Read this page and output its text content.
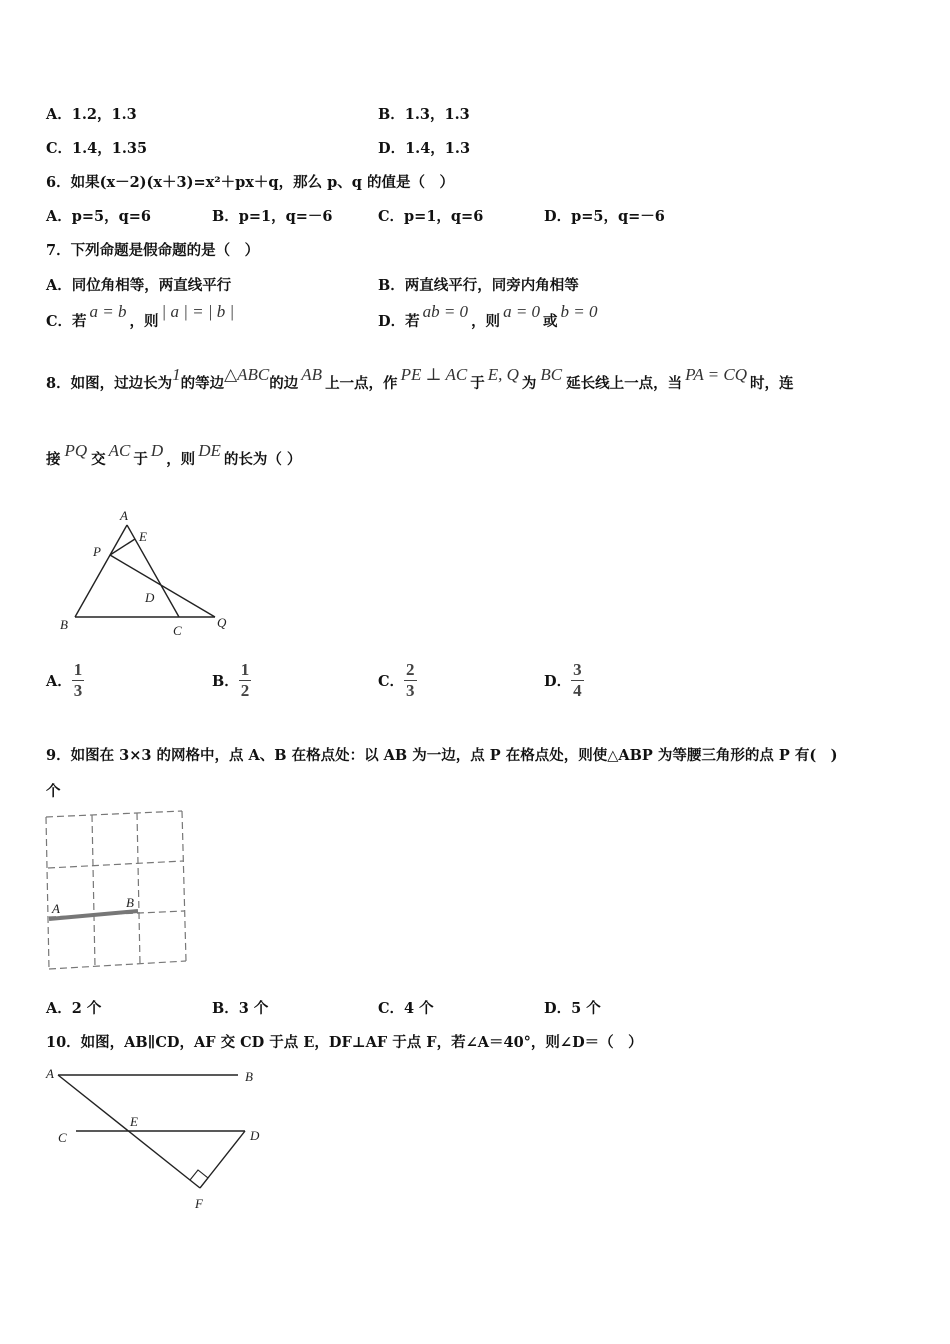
A．1.2，1.3	B．1.3，1.3
C．1.4，1.35	D．1.4，1.3
6．如果(x－2)(x＋3)=x²＋px＋q，那么 p、q 的值是（　）
A．p=5，q=6	B．p=1，q=－6	C．p=1，q=6	D．p=5，q=－6
7．下列命题是假命题的是（　）
A．同位角相等，两直线平行	B．两直线平行，同旁内角相等
C．若a = b，则| a | = | b |
D．若ab = 0，则a = 0或b = 0
8．如图，过边长为1的等边△ABC的边 AB 上一点，作 PE ⊥ AC 于 E, Q 为 BC 延长线上一点，当 PA = CQ 时，连
接 PQ 交 AC 于 D ，则 DE 的长为（ ）
A
E
P
D
B	C
Q
A． $\frac{1}{3}$	B． $\frac{1}{2}$	C． $\frac{2}{3}$	D． $\frac{3}{4}$
9．如图在 3×3 的网格中，点 A、B 在格点处：以 AB 为一边，点 P 在格点处，则使△ABP 为等腰三角形的点 P 有(　)
个
A	B
A．2 个	B．3 个	C．4 个	D．5 个
10．如图，AB∥CD，AF 交 CD 于点 E，DF⊥AF 于点 F，若∠A＝40°，则∠D＝（　）
A	B
C
E
D
F
